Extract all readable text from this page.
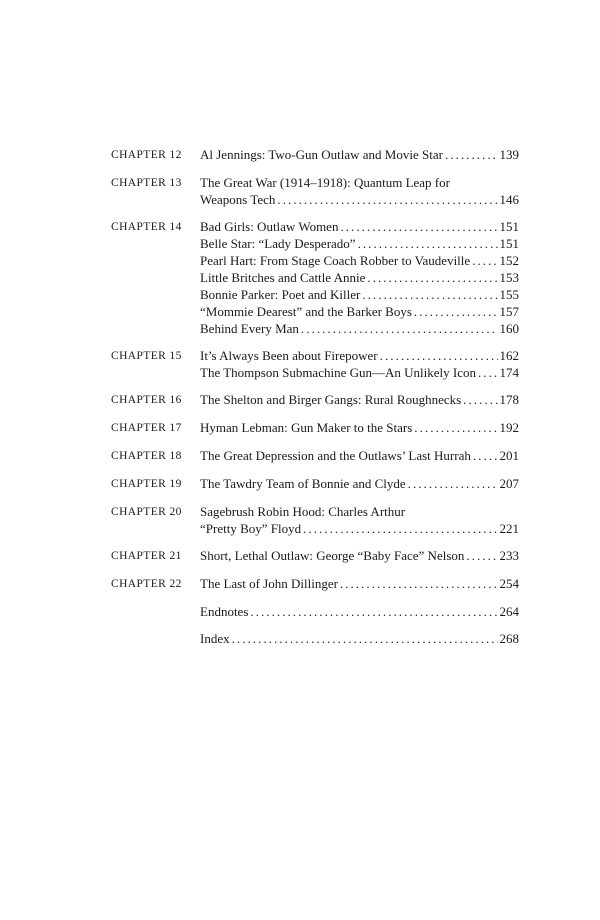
CHAPTER 12	Al Jennings: Two-Gun Outlaw and Movie Star . . .	139
CHAPTER 13	The Great War (1914–1918): Quantum Leap for
Weapons Tech . . .	146
CHAPTER 14	Bad Girls: Outlaw Women . . .	151
Belle Star: “Lady Desperado” . . .	151
Pearl Hart: From Stage Coach Robber to Vaudeville . . . 152
Little Britches and Cattle Annie . . .	153
Bonnie Parker: Poet and Killer . . .	155
“Mommie Dearest” and the Barker Boys . . .	157
Behind Every Man . . .	160
CHAPTER 15	It’s Always Been about Firepower . . .	162
The Thompson Submachine Gun—An Unlikely Icon . . . 174
CHAPTER 16	The Shelton and Birger Gangs: Rural Roughnecks . . .	178
CHAPTER 17	Hyman Lebman: Gun Maker to the Stars . . .	192
CHAPTER 18	The Great Depression and the Outlaws’ Last Hurrah . . . 201
CHAPTER 19	The Tawdry Team of Bonnie and Clyde . . .	207
CHAPTER 20	Sagebrush Robin Hood: Charles Arthur
“Pretty Boy” Floyd . . .	221
CHAPTER 21	Short, Lethal Outlaw: George “Baby Face” Nelson . . .	233
CHAPTER 22	The Last of John Dillinger . . .	254
Endnotes . . .	264
Index . . .	268
